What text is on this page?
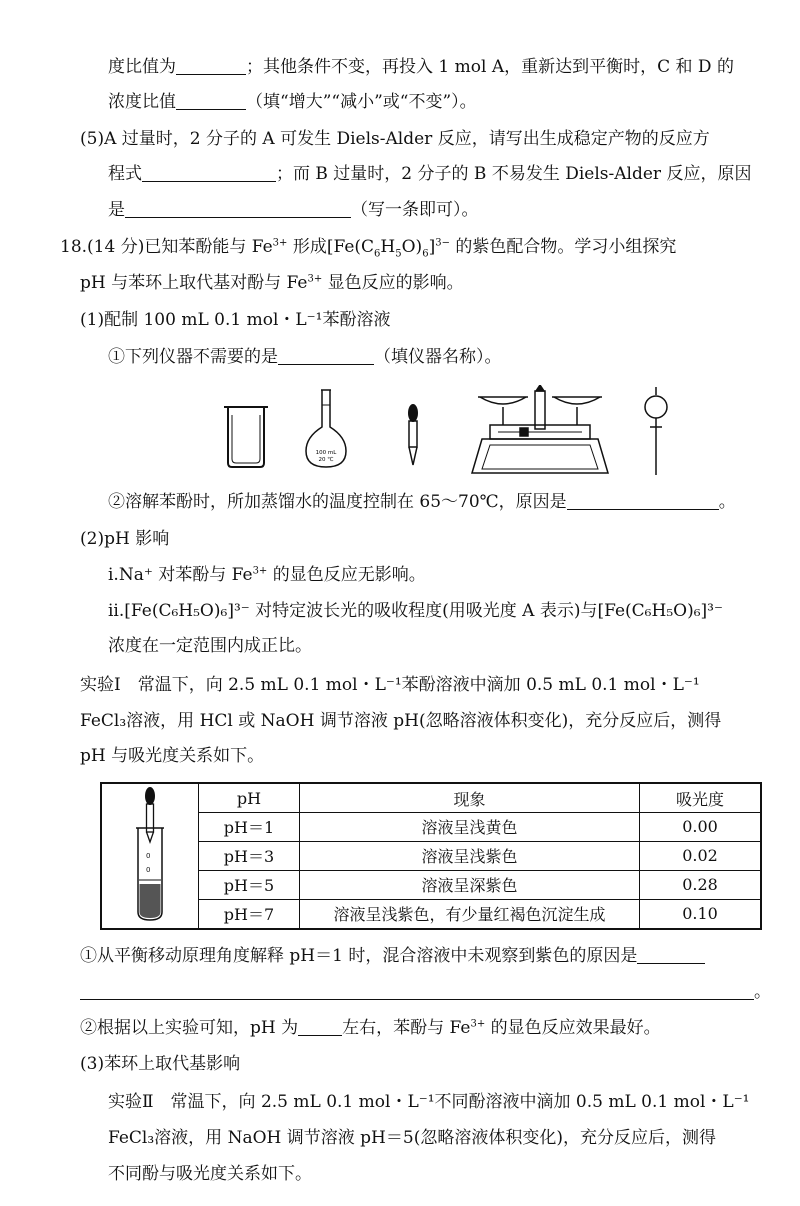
度比值为	；其他条件不变，再投入 1 mol A，重新达到平衡时，C 和 D 的
浓度比值	（填“增大”“减小”或“不变”）。
(5)A 过量时，2 分子的 A 可发生 Diels-Alder 反应，请写出生成稳定产物的反应方
程式	；而 B 过量时，2 分子的 B 不易发生 Diels-Alder 反应，原因
是	（写一条即可）。
18.(14 分)已知苯酚能与 $Fe^{3+}$ 形成$[Fe(C_6H_5O)_6]^{3-}$ 的紫色配合物。学习小组探究
pH 与苯环上取代基对酚与 $Fe^{3+}$ 显色反应的影响。
(1)配制 100 mL 0.1 mol・L⁻¹苯酚溶液
①下列仪器不需要的是	（填仪器名称）。
100 mL
20 ℃
②溶解苯酚时，所加蒸馏水的温度控制在 65～70℃，原因是	。
(2)pH 影响
i.Na⁺ 对苯酚与 $Fe^{3+}$ 的显色反应无影响。
ii.[Fe(C₆H₅O)₆]³⁻ 对特定波长光的吸收程度(用吸光度 A 表示)与[Fe(C₆H₅O)₆]³⁻
浓度在一定范围内成正比。
实验Ⅰ　常温下，向 2.5 mL 0.1 mol・L⁻¹苯酚溶液中滴加 0.5 mL 0.1 mol・L⁻¹
FeCl₃溶液，用 HCl 或 NaOH 调节溶液 pH(忽略溶液体积变化)，充分反应后，测得
pH 与吸光度关系如下。
0
0	pH	现象	吸光度
	pH＝1	溶液呈浅黄色	0.00
	pH＝3	溶液呈浅紫色	0.02
	pH＝5	溶液呈深紫色	0.28
	pH＝7	溶液呈浅紫色，有少量红褐色沉淀生成	0.10
①从平衡移动原理角度解释 pH＝1 时，混合溶液中未观察到紫色的原因是
。
②根据以上实验可知，pH 为	左右，苯酚与 $Fe^{3+}$ 的显色反应效果最好。
(3)苯环上取代基影响
实验Ⅱ　常温下，向 2.5 mL 0.1 mol・L⁻¹不同酚溶液中滴加 0.5 mL 0.1 mol・L⁻¹
FeCl₃溶液，用 NaOH 调节溶液 pH＝5(忽略溶液体积变化)，充分反应后，测得
不同酚与吸光度关系如下。
